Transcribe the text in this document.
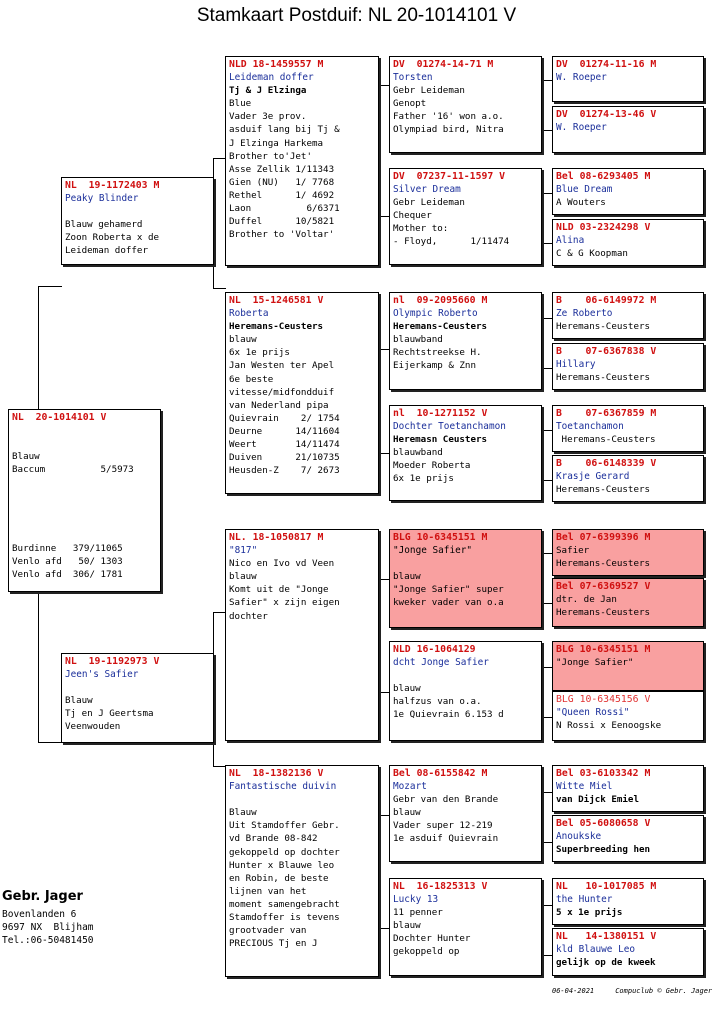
Stamkaart Postduif: NL 20-1014101 V
NL  20-1014101 V
Blauw
Baccum          5/5973
Burdinne   379/11065
Venlo afd   50/ 1303
Venlo afd  306/ 1781
NL  19-1172403 M
Peaky Blinder
Blauw gehamerd
Zoon Roberta x de
Leideman doffer
NL  19-1192973 V
Jeen's Safier
Blauw
Tj en J Geertsma
Veenwouden
NLD 18-1459557 M
Leideman doffer
Tj & J Elzinga
Blue
Vader 3e prov.
asduif lang bij Tj &
J Elzinga Harkema
Brother to'Jet'
Asse Zellik 1/11343
Gien (NU)   1/ 7768
Rethel      1/ 4692
Laon          6/6371
Duffel      10/5821
Brother to 'Voltar'
NL  15-1246581 V
Roberta
Heremans-Ceusters
blauw
6x 1e prijs
Jan Westen ter Apel
6e beste
vitesse/midfondduif
van Nederland pipa
Quievrain    2/ 1754
Deurne      14/11604
Weert       14/11474
Duiven      21/10735
Heusden-Z    7/ 2673
NL. 18-1050817 M
"817"
Nico en Ivo vd Veen
blauw
Komt uit de "Jonge
Safier" x zijn eigen
dochter
NL  18-1382136 V
Fantastische duivin
Blauw
Uit Stamdoffer Gebr.
vd Brande 08-842
gekoppeld op dochter
Hunter x Blauwe leo
en Robin, de beste
lijnen van het
moment samengebracht
Stamdoffer is tevens
grootvader van
PRECIOUS Tj en J
DV  01274-14-71 M
Torsten
Gebr Leideman
Genopt
Father '16' won a.o.
Olympiad bird, Nitra
DV  07237-11-1597 V
Silver Dream
Gebr Leideman
Chequer
Mother to:
- Floyd,      1/11474
nl  09-2095660 M
Olympic Roberto
Heremans-Ceusters
blauwband
Rechtstreekse H.
Eijerkamp & Znn
nl  10-1271152 V
Dochter Toetanchamon
Heremasn Ceusters
blauwband
Moeder Roberta
6x 1e prijs
BLG 10-6345151 M
"Jonge Safier"
blauw
"Jonge Safier" super
kweker vader van o.a
NLD 16-1064129
dcht Jonge Safier
blauw
halfzus van o.a.
1e Quievrain 6.153 d
Bel 08-6155842 M
Mozart
Gebr van den Brande
blauw
Vader super 12-219
1e asduif Quievrain
NL  16-1825313 V
Lucky 13
11 penner
blauw
Dochter Hunter
gekoppeld op
DV  01274-11-16 M
W. Roeper
DV  01274-13-46 V
W. Roeper
Bel 08-6293405 M
Blue Dream
A Wouters
NLD 03-2324298 V
Alina
C & G Koopman
B    06-6149972 M
Ze Roberto
Heremans-Ceusters
B    07-6367838 V
Hillary
Heremans-Ceusters
B    07-6367859 M
Toetanchamon
Heremans-Ceusters
B    06-6148339 V
Krasje Gerard
Heremans-Ceusters
Bel 07-6399396 M
Safier
Heremans-Ceusters
Bel 07-6369527 V
dtr. de Jan
Heremans-Ceusters
BLG 10-6345151 M
"Jonge Safier"
BLG 10-6345156 V
"Queen Rossi"
N Rossi x Eenoogske
Bel 03-6103342 M
Witte Miel
van Dijck Emiel
Bel 05-6080658 V
Anoukske
Superbreeding hen
NL   10-1017085 M
the Hunter
5 x 1e prijs
NL   14-1380151 V
kld Blauwe Leo
gelijk op de kweek
Gebr. Jager
Bovenlanden 6
9697 NX  Blijham
Tel.:06-50481450
06-04-2021     Compuclub © Gebr. Jager
